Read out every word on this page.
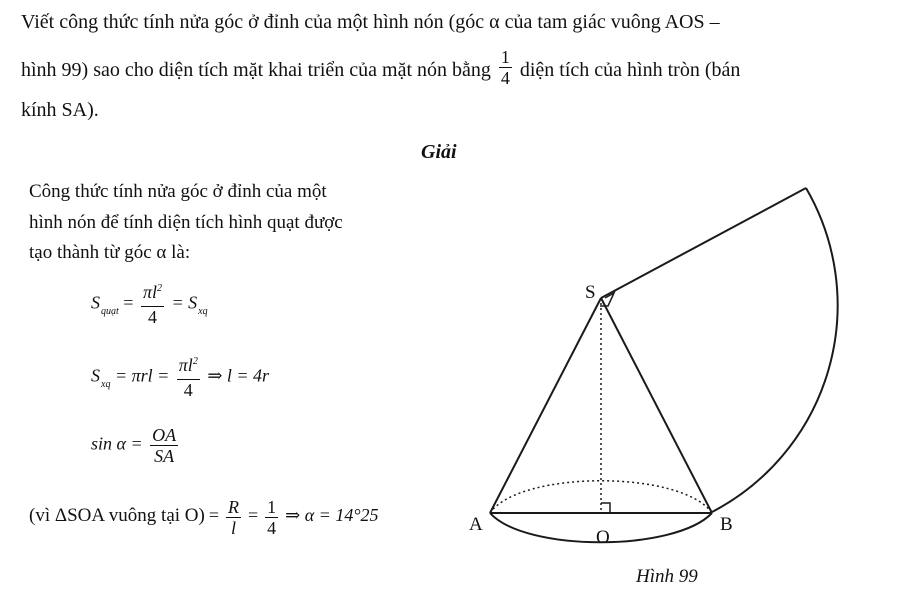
Viết công thức tính nửa góc ở đỉnh của một hình nón (góc α của tam giác vuông AOS –
hình 99) sao cho diện tích mặt khai triển của mặt nón bằng $\frac{1}{4}$ diện tích của hình tròn (bán
kính SA).
Giải
Công thức tính nửa góc ở đỉnh của một
hình nón để tính diện tích hình quạt được
tạo thành từ góc α là:
$S_{quạt} = \frac{\pi l^2}{4} = S_{xq}$
$S_{xq} = \pi rl = \frac{\pi l^2}{4}$ ⇒ l = 4r
$\sin \alpha = \frac{OA}{SA}$
(vì ΔSOA vuông tại $O) = \frac{R}{l} = \frac{1}{4}$ ⇒ α = 14°25
S
A
O
B
Hình 99
